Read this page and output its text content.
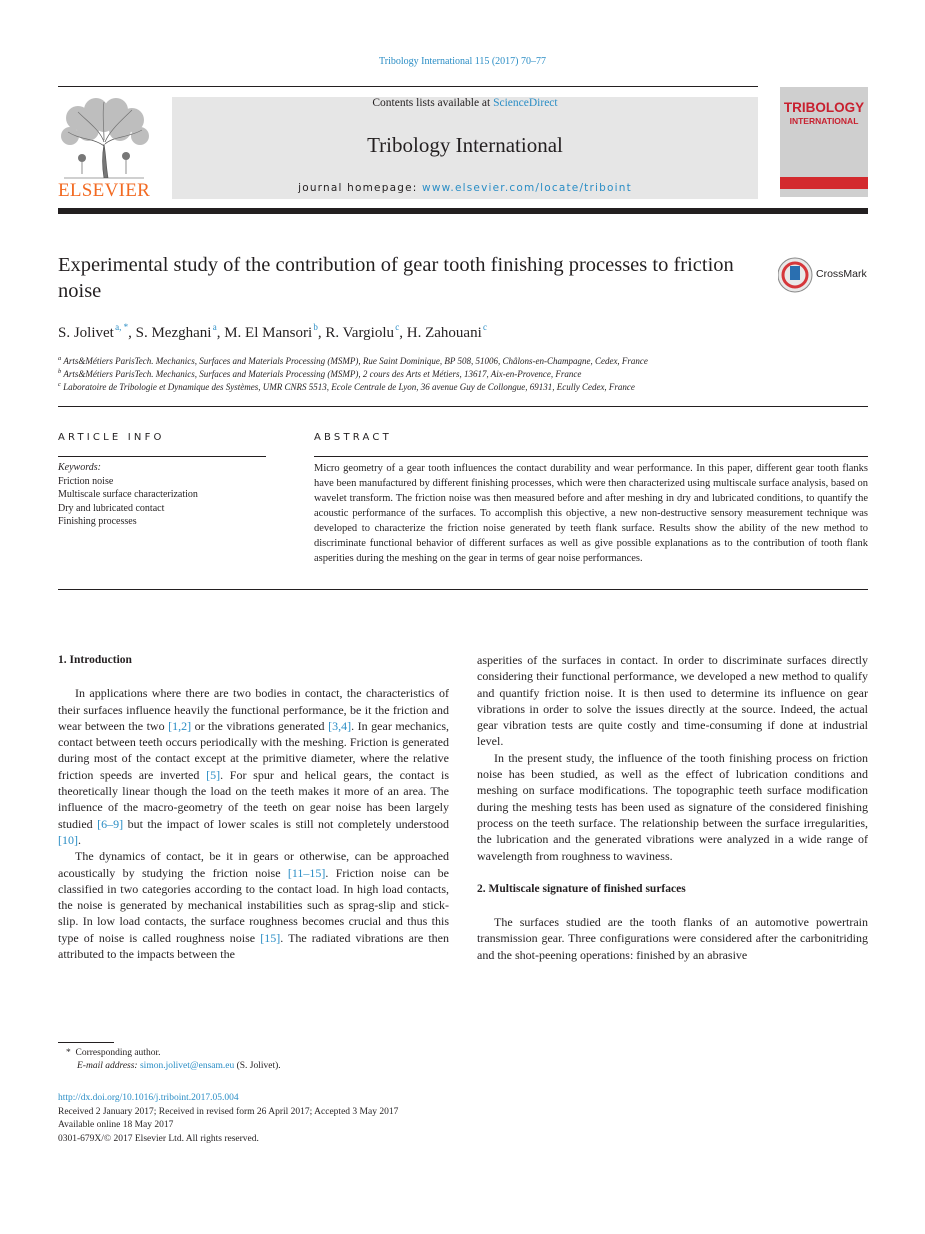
Tribology International 115 (2017) 70–77
ELSEVIER
Contents lists available at ScienceDirect
Tribology International
journal homepage: www.elsevier.com/locate/triboint
TRIBOLOGY
INTERNATIONAL
Experimental study of the contribution of gear tooth finishing processes to friction noise
CrossMark
S. Jolivet $^{a, *}$, S. Mezghani $^a$, M. El Mansori $^b$, R. Vargiolu $^c$, H. Zahouani $^c$
$^a$ Arts&Métiers ParisTech. Mechanics, Surfaces and Materials Processing (MSMP), Rue Saint Dominique, BP 508, 51006, Châlons-en-Champagne, Cedex, France
$^b$ Arts&Métiers ParisTech. Mechanics, Surfaces and Materials Processing (MSMP), 2 cours des Arts et Métiers, 13617, Aix-en-Provence, France
$^c$ Laboratoire de Tribologie et Dynamique des Systèmes, UMR CNRS 5513, Ecole Centrale de Lyon, 36 avenue Guy de Collongue, 69131, Ecully Cedex, France
ARTICLE INFO	ABSTRACT
Keywords:
Friction noise
Multiscale surface characterization
Dry and lubricated contact
Finishing processes
Micro geometry of a gear tooth influences the contact durability and wear performance. In this paper, different gear tooth flanks have been manufactured by different finishing processes, which were then characterized using multiscale surface analysis, based on wavelet transform. The friction noise was then measured before and after meshing in dry and lubricated conditions, to quantify the acoustic performance of the surfaces. To accomplish this objective, a new non-destructive sensory measurement technique was developed to characterize the friction noise generated by teeth flank surface. Results show the ability of the new method to discriminate functional behavior of different surfaces as well as give possible explanations as to the contribution of tooth flank asperities during the meshing on the gear in terms of gear noise performances.
1. Introduction

In applications where there are two bodies in contact, the characteristics of their surfaces influence heavily the functional performance, be it the friction and wear between the two [1,2] or the vibrations generated [3,4]. In gear mechanics, contact between teeth occurs periodically with the meshing. Friction is generated during most of the contact except at the primitive diameter, where the relative friction speeds are inverted [5]. For spur and helical gears, the contact is theoretically linear though the load on the teeth makes it more of an area. The influence of the macro-geometry of the teeth on gear noise has been largely studied [6–9] but the impact of lower scales is still not completely understood [10].

The dynamics of contact, be it in gears or otherwise, can be approached acoustically by studying the friction noise [11–15]. Friction noise can be classified in two categories according to the contact load. In high load contacts, the noise is generated by mechanical instabilities such as sprag-slip and stick-slip. In low load contacts, the surface roughness becomes crucial and thus this type of noise is called roughness noise [15]. The radiated vibrations are then attributed to the impacts between the

asperities of the surfaces in contact. In order to discriminate surfaces directly considering their functional performance, we developed a new method to qualify and quantify friction noise. It is then used to determine its influence on gear vibrations in order to solve the issues directly at the source. Indeed, the actual gear vibration tests are quite costly and time-consuming if done at industrial level.

In the present study, the influence of the tooth finishing process on friction noise has been studied, as well as the effect of lubrication conditions and meshing on surface modifications. The topographic teeth surface modification during the meshing tests has been used as signature of the considered finishing process on the teeth surface. The relationship between the surface irregularities, the lubrication and the generated vibrations were analyzed in a wide range of wavelength from roughness to waviness.

2. Multiscale signature of finished surfaces

The surfaces studied are the tooth flanks of an automotive powertrain transmission gear. Three configurations were considered after the carbonitriding and the shot-peening operations: finished by an abrasive

* Corresponding author.
E-mail address: simon.jolivet@ensam.eu (S. Jolivet).
http://dx.doi.org/10.1016/j.triboint.2017.05.004
Received 2 January 2017; Received in revised form 26 April 2017; Accepted 3 May 2017
Available online 18 May 2017
0301-679X/© 2017 Elsevier Ltd. All rights reserved.
